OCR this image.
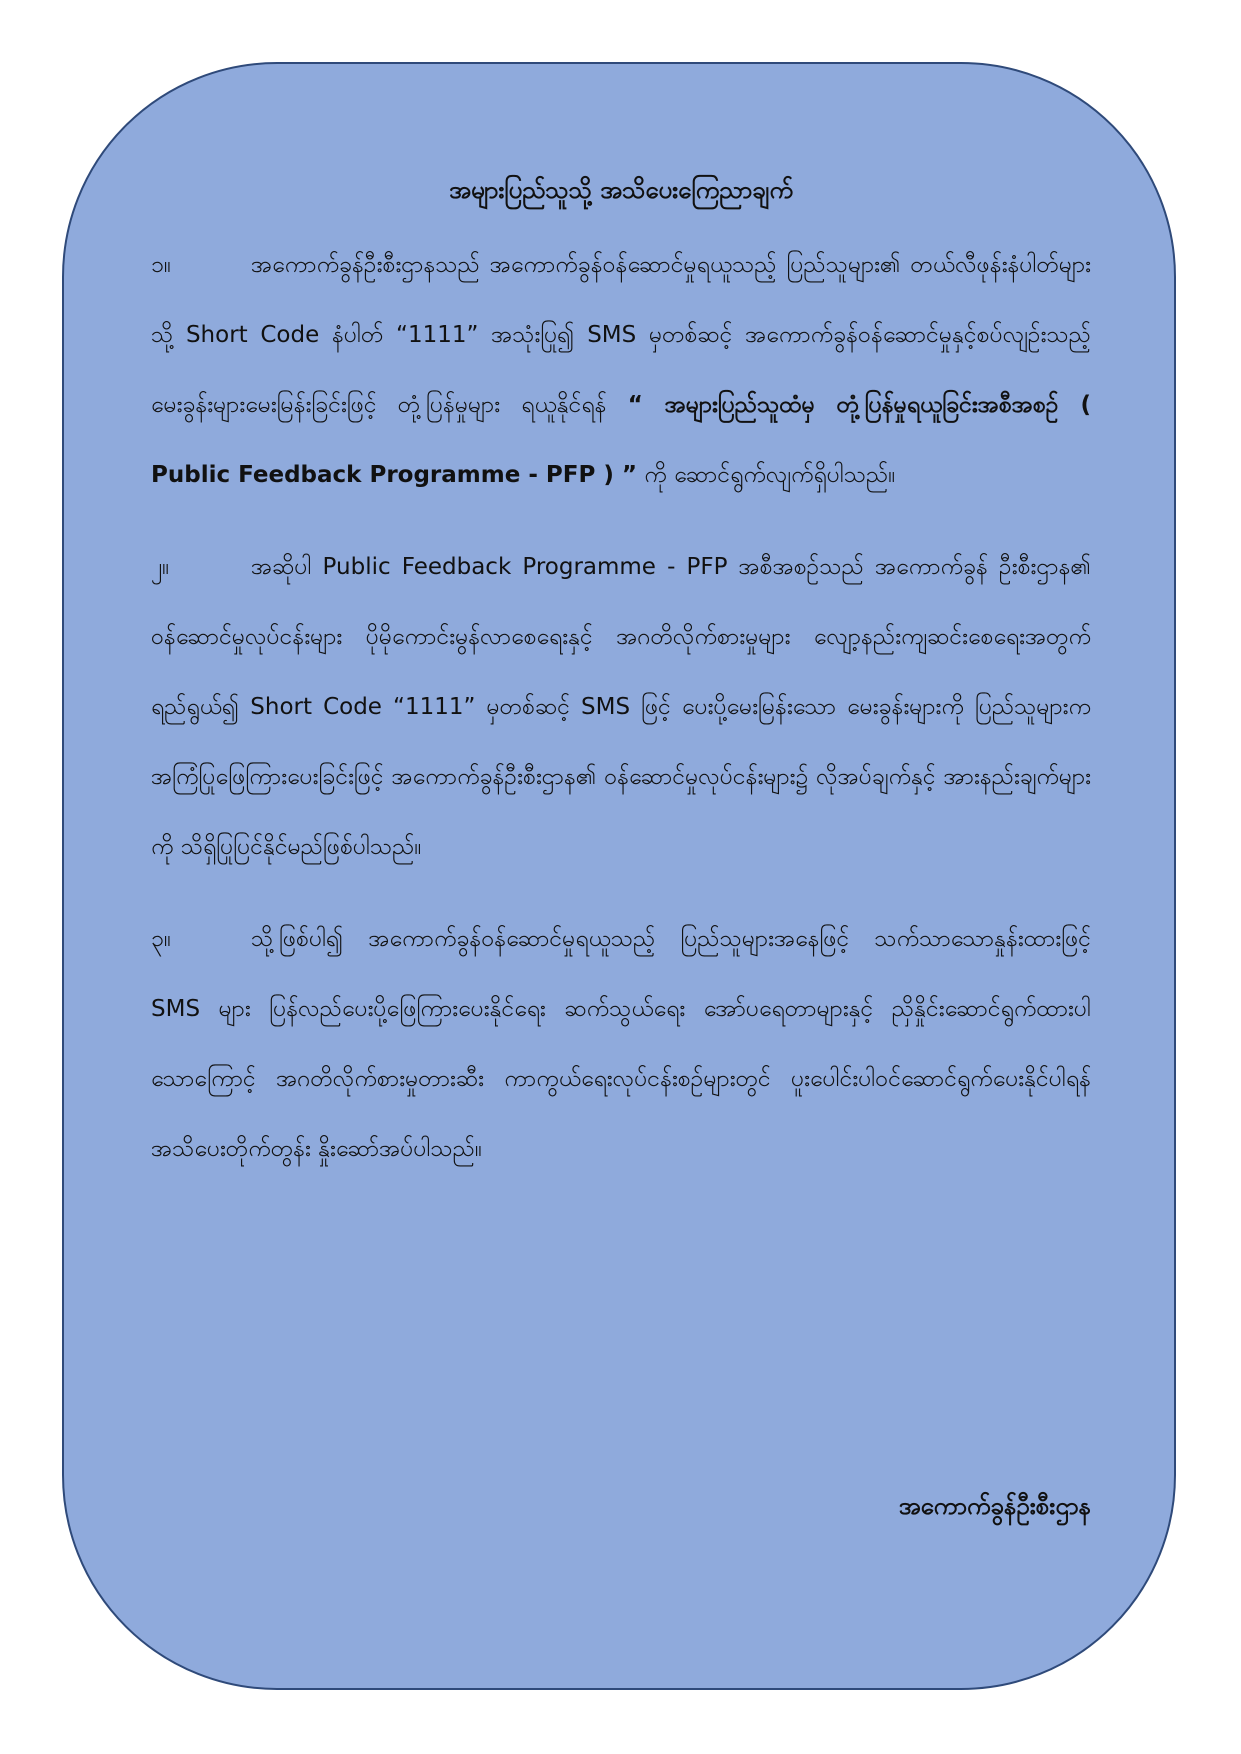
အများပြည်သူသို့ အသိပေးကြေညာချက်

၁။	အကောက်ခွန်ဦးစီးဌာနသည် အကောက်ခွန်ဝန်ဆောင်မှုရယူသည့် ပြည်သူများ၏ တယ်လီဖုန်းနံပါတ်များသို့ Short Code နံပါတ် “1111” အသုံးပြု၍ SMS မှတစ်ဆင့် အကောက်ခွန်ဝန်ဆောင်မှုနှင့်စပ်လျဉ်းသည့် မေးခွန်းများမေးမြန်းခြင်းဖြင့် တုံ့ပြန်မှုများ ရယူနိုင်ရန် “ အများပြည်သူထံမှ တုံ့ပြန်မှုရယူခြင်းအစီအစဉ် ( Public Feedback Programme - PFP ) ” ကို ဆောင်ရွက်လျက်ရှိပါသည်။

၂။	အဆိုပါ Public Feedback Programme - PFP အစီအစဉ်သည် အကောက်ခွန် ဦးစီးဌာန၏ ဝန်ဆောင်မှုလုပ်ငန်းများ ပိုမိုကောင်းမွန်လာစေရေးနှင့် အဂတိလိုက်စားမှုများ လျော့နည်းကျဆင်းစေရေးအတွက် ရည်ရွယ်၍ Short Code “1111” မှတစ်ဆင့် SMS ဖြင့် ပေးပို့မေးမြန်းသော မေးခွန်းများကို ပြည်သူများက အကြံပြုဖြေကြားပေးခြင်းဖြင့် အကောက်ခွန်ဦးစီးဌာန၏ ဝန်ဆောင်မှုလုပ်ငန်းများ၌ လိုအပ်ချက်နှင့် အားနည်းချက်များကို သိရှိပြုပြင်နိုင်မည်ဖြစ်ပါသည်။

၃။	သို့ဖြစ်ပါ၍ အကောက်ခွန်ဝန်ဆောင်မှုရယူသည့် ပြည်သူများအနေဖြင့် သက်သာသောနှုန်းထားဖြင့် SMS များ ပြန်လည်ပေးပို့ဖြေကြားပေးနိုင်ရေး ဆက်သွယ်ရေး အော်ပရေတာများနှင့် ညှိနှိုင်းဆောင်ရွက်ထားပါသောကြောင့် အဂတိလိုက်စားမှုတားဆီး ကာကွယ်ရေးလုပ်ငန်းစဉ်များတွင် ပူးပေါင်းပါဝင်ဆောင်ရွက်ပေးနိုင်ပါရန် အသိပေးတိုက်တွန်း နှိုးဆော်အပ်ပါသည်။

အကောက်ခွန်ဦးစီးဌာန
